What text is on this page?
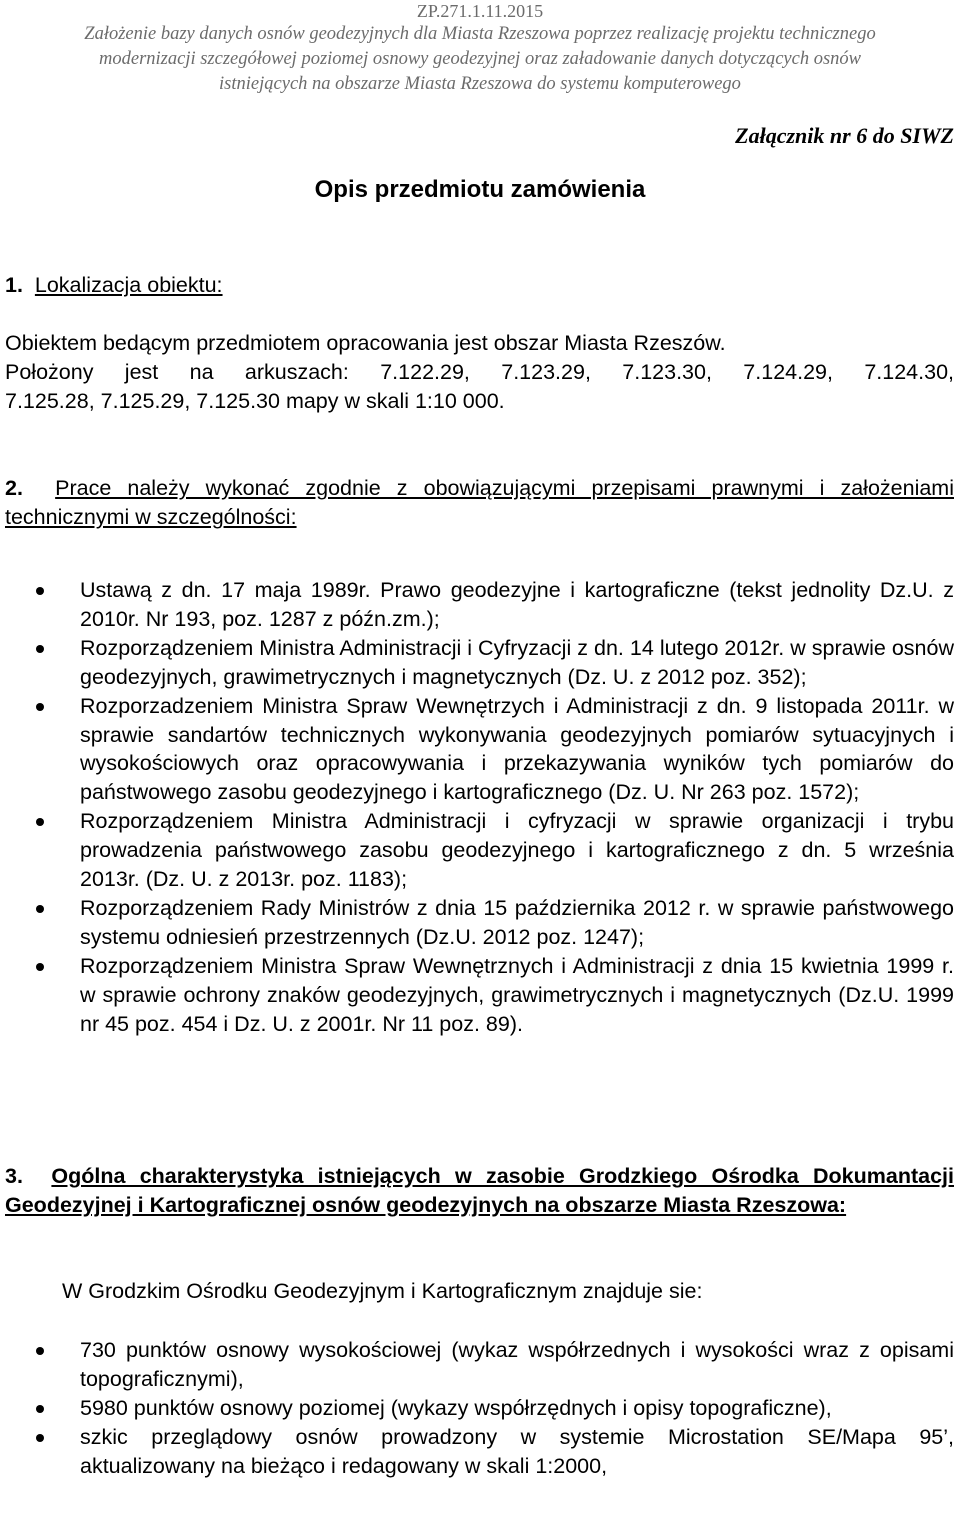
ZP.271.1.11.2015
Założenie bazy danych osnów geodezyjnych dla Miasta Rzeszowa poprzez realizację projektu technicznego
modernizacji szczegółowej poziomej osnowy geodezyjnej oraz załadowanie danych dotyczących osnów
istniejących na obszarze Miasta Rzeszowa do systemu komputerowego
Załącznik nr 6 do SIWZ
Opis przedmiotu zamówienia
1. Lokalizacja obiektu:
Obiektem bedącym przedmiotem opracowania jest obszar Miasta Rzeszów.
Położony jest na arkuszach: 7.122.29, 7.123.29, 7.123.30, 7.124.29, 7.124.30,
7.125.28, 7.125.29, 7.125.30 mapy w skali 1:10 000.
2. Prace należy wykonać zgodnie z obowiązującymi przepisami prawnymi i założeniami technicznymi w szczególności:
Ustawą z dn. 17 maja 1989r. Prawo geodezyjne i kartograficzne (tekst jednolity Dz.U. z 2010r. Nr 193, poz. 1287 z późn.zm.);
Rozporządzeniem Ministra Administracji i Cyfryzacji z dn. 14 lutego 2012r. w sprawie osnów geodezyjnych, grawimetrycznych i magnetycznych (Dz. U. z 2012 poz. 352);
Rozporzadzeniem Ministra Spraw Wewnętrzych i Administracji z dn. 9 listopada 2011r. w sprawie sandartów technicznych wykonywania geodezyjnych pomiarów sytuacyjnych i wysokościowych oraz opracowywania i przekazywania wyników tych pomiarów do państwowego zasobu geodezyjnego i kartograficznego (Dz. U. Nr 263 poz. 1572);
Rozporządzeniem Ministra Administracji i cyfryzacji w sprawie organizacji i trybu prowadzenia państwowego zasobu geodezyjnego i kartograficznego z dn. 5 września 2013r. (Dz. U. z 2013r. poz. 1183);
Rozporządzeniem Rady Ministrów z dnia 15 października 2012 r. w sprawie państwowego systemu odniesień przestrzennych (Dz.U. 2012 poz. 1247);
Rozporządzeniem Ministra Spraw Wewnętrznych i Administracji z dnia 15 kwietnia 1999 r. w sprawie ochrony znaków geodezyjnych, grawimetrycznych i magnetycznych (Dz.U. 1999 nr 45 poz. 454 i Dz. U. z 2001r. Nr 11 poz. 89).
3. Ogólna charakterystyka istniejących w zasobie Grodzkiego Ośrodka Dokumantacji Geodezyjnej i Kartograficznej osnów geodezyjnych na obszarze Miasta Rzeszowa:
W Grodzkim Ośrodku Geodezyjnym i Kartograficznym znajduje sie:
730 punktów osnowy wysokościowej (wykaz współrzednych i wysokości wraz z opisami topograficznymi),
5980 punktów osnowy poziomej (wykazy współrzędnych i opisy topograficzne),
szkic przeglądowy osnów prowadzony w systemie Microstation SE/Mapa 95’, aktualizowany na bieżąco i redagowany w skali 1:2000,
